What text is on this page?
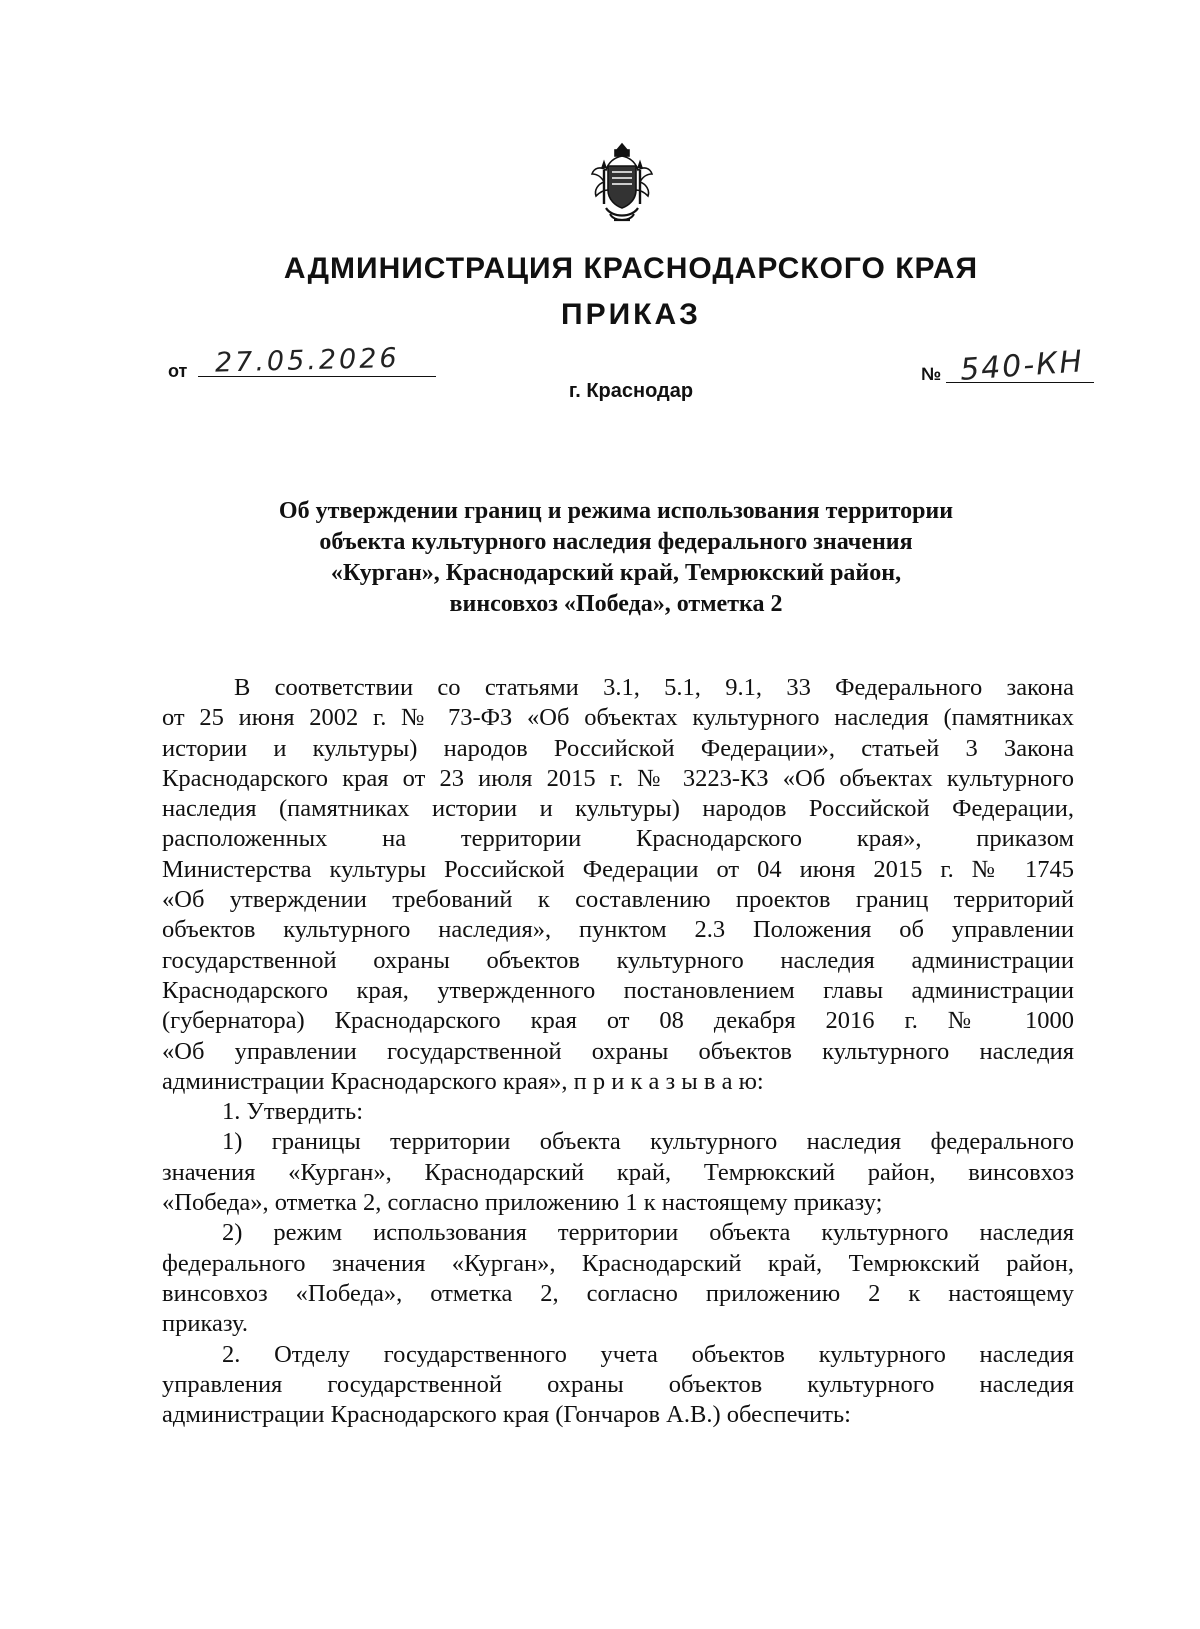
АДМИНИСТРАЦИЯ КРАСНОДАРСКОГО КРАЯ
ПРИКАЗ
от 27.05.2026	№ 540-КН
г. Краснодар
Об утверждении границ и режима использования территории
объекта культурного наследия федерального значения
«Курган», Краснодарский край, Темрюкский район,
винсовхоз «Победа», отметка 2
В соответствии со статьями 3.1, 5.1, 9.1, 33 Федерального закона
от 25 июня 2002 г. № 73-ФЗ «Об объектах культурного наследия (памятниках
истории и культуры) народов Российской Федерации», статьей 3 Закона
Краснодарского края от 23 июля 2015 г. № 3223-КЗ «Об объектах культурного
наследия (памятниках истории и культуры) народов Российской Федерации,
расположенных на территории Краснодарского края», приказом
Министерства культуры Российской Федерации от 04 июня 2015 г. № 1745
«Об утверждении требований к составлению проектов границ территорий
объектов культурного наследия», пунктом 2.3 Положения об управлении
государственной охраны объектов культурного наследия администрации
Краснодарского края, утвержденного постановлением главы администрации
(губернатора) Краснодарского края от 08 декабря 2016 г. № 1000
«Об управлении государственной охраны объектов культурного наследия
администрации Краснодарского края», п р и к а з ы в а ю:
1. Утвердить:
1) границы территории объекта культурного наследия федерального
значения «Курган», Краснодарский край, Темрюкский район, винсовхоз
«Победа», отметка 2, согласно приложению 1 к настоящему приказу;
2) режим использования территории объекта культурного наследия
федерального значения «Курган», Краснодарский край, Темрюкский район,
винсовхоз «Победа», отметка 2, согласно приложению 2 к настоящему
приказу.
2. Отделу государственного учета объектов культурного наследия
управления государственной охраны объектов культурного наследия
администрации Краснодарского края (Гончаров А.В.) обеспечить:
